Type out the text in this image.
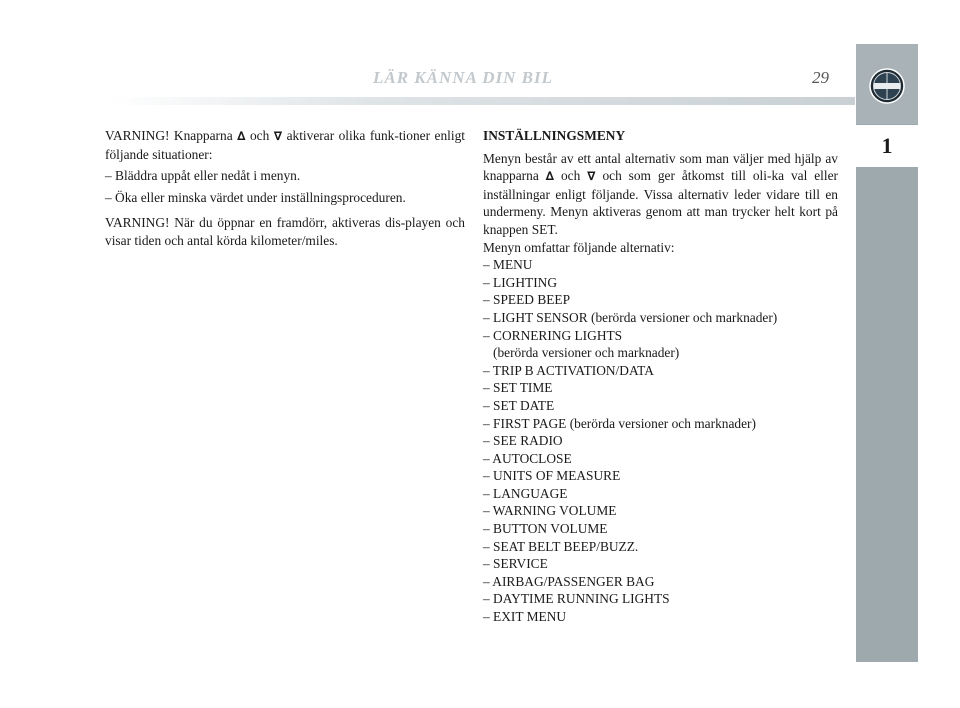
LÄR KÄNNA DIN BIL	29
1

VARNING! Knapparna ∆ och ∇ aktiverar olika funk-tioner enligt följande situationer:

– Bläddra uppåt eller nedåt i menyn.

– Öka eller minska värdet under inställningsproceduren.

VARNING! När du öppnar en framdörr, aktiveras dis-playen och visar tiden och antal körda kilometer/miles.

INSTÄLLNINGSMENY

Menyn består av ett antal alternativ som man väljer med hjälp av knapparna ∆ och ∇ och som ger åtkomst till oli-ka val eller inställningar enligt följande. Vissa alternativ leder vidare till en undermeny. Menyn aktiveras genom att man trycker helt kort på knappen SET.

Menyn omfattar följande alternativ:

– MENU

– LIGHTING

– SPEED BEEP

– LIGHT SENSOR (berörda versioner och marknader)

– CORNERING LIGHTS

(berörda versioner och marknader)

– TRIP B ACTIVATION/DATA

– SET TIME

– SET DATE

– FIRST PAGE (berörda versioner och marknader)

– SEE RADIO

– AUTOCLOSE

– UNITS OF MEASURE

– LANGUAGE

– WARNING VOLUME

– BUTTON VOLUME

– SEAT BELT BEEP/BUZZ.

– SERVICE

– AIRBAG/PASSENGER BAG

– DAYTIME RUNNING LIGHTS

– EXIT MENU
